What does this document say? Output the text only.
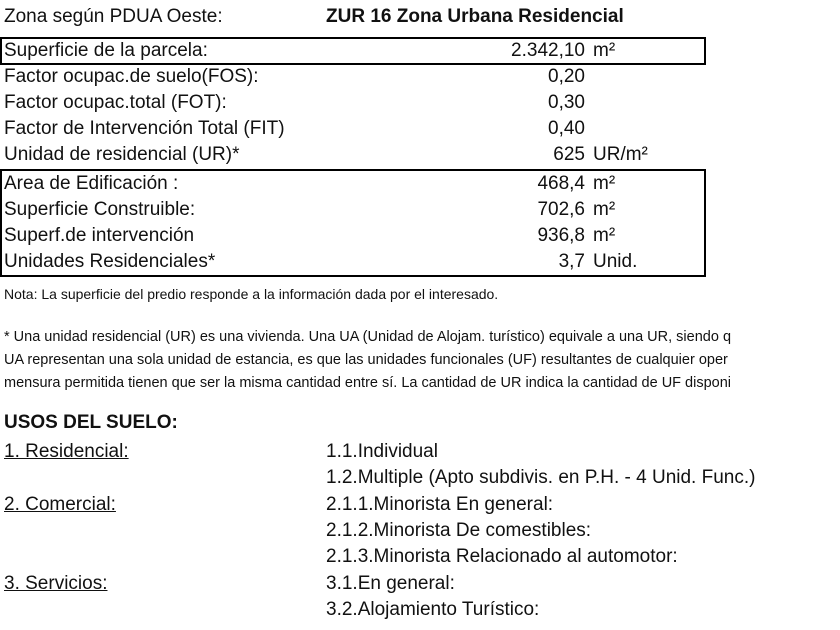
Zona según PDUA Oeste:	ZUR 16 Zona Urbana Residencial
Superficie de la parcela:	2.342,10 m²
Factor ocupac.de suelo(FOS):	0,20
Factor ocupac.total (FOT):	0,30
Factor de Intervención Total (FIT)	0,40
Unidad de residencial (UR)*	625 UR/m²
Area de Edificación :	468,4 m²
Superficie Construible:	702,6 m²
Superf.de intervención	936,8 m²
Unidades Residenciales*	3,7 Unid.
Nota: La superficie del predio responde a la información dada por el interesado.
* Una unidad residencial (UR) es una vivienda. Una UA (Unidad de Alojam. turístico) equivale a una UR, siendo q
UA representan una sola unidad de estancia, es que las unidades funcionales (UF) resultantes de cualquier oper
mensura permitida tienen que ser la misma cantidad entre sí. La cantidad de UR indica la cantidad de UF disponi
USOS DEL SUELO:
1. Residencial:	1.1.Individual
1.2.Multiple (Apto subdivis. en P.H. - 4 Unid. Func.)
2. Comercial:	2.1.1.Minorista En general:
2.1.2.Minorista De comestibles:
2.1.3.Minorista Relacionado al automotor:
3. Servicios:	3.1.En general:
3.2.Alojamiento Turístico:
